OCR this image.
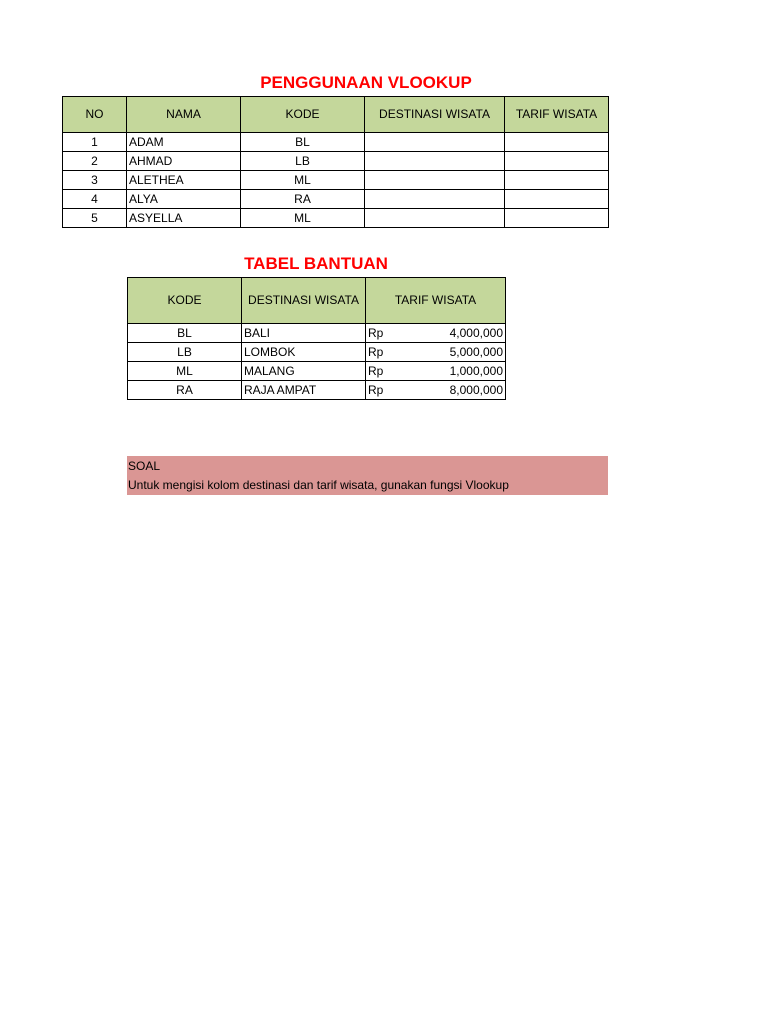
PENGGUNAAN VLOOKUP
NO	NAMA	KODE	DESTINASI WISATA	TARIF WISATA
1	ADAM	BL		
2	AHMAD	LB		
3	ALETHEA	ML		
4	ALYA	RA		
5	ASYELLA	ML		
TABEL BANTUAN
KODE	DESTINASI WISATA	TARIF WISATA
BL	BALI	Rp 4,000,000

LB	LOMBOK	Rp 5,000,000

ML	MALANG	Rp 1,000,000

RA	RAJA AMPAT	Rp 8,000,000
SOAL
Untuk mengisi kolom destinasi dan tarif wisata, gunakan fungsi Vlookup
